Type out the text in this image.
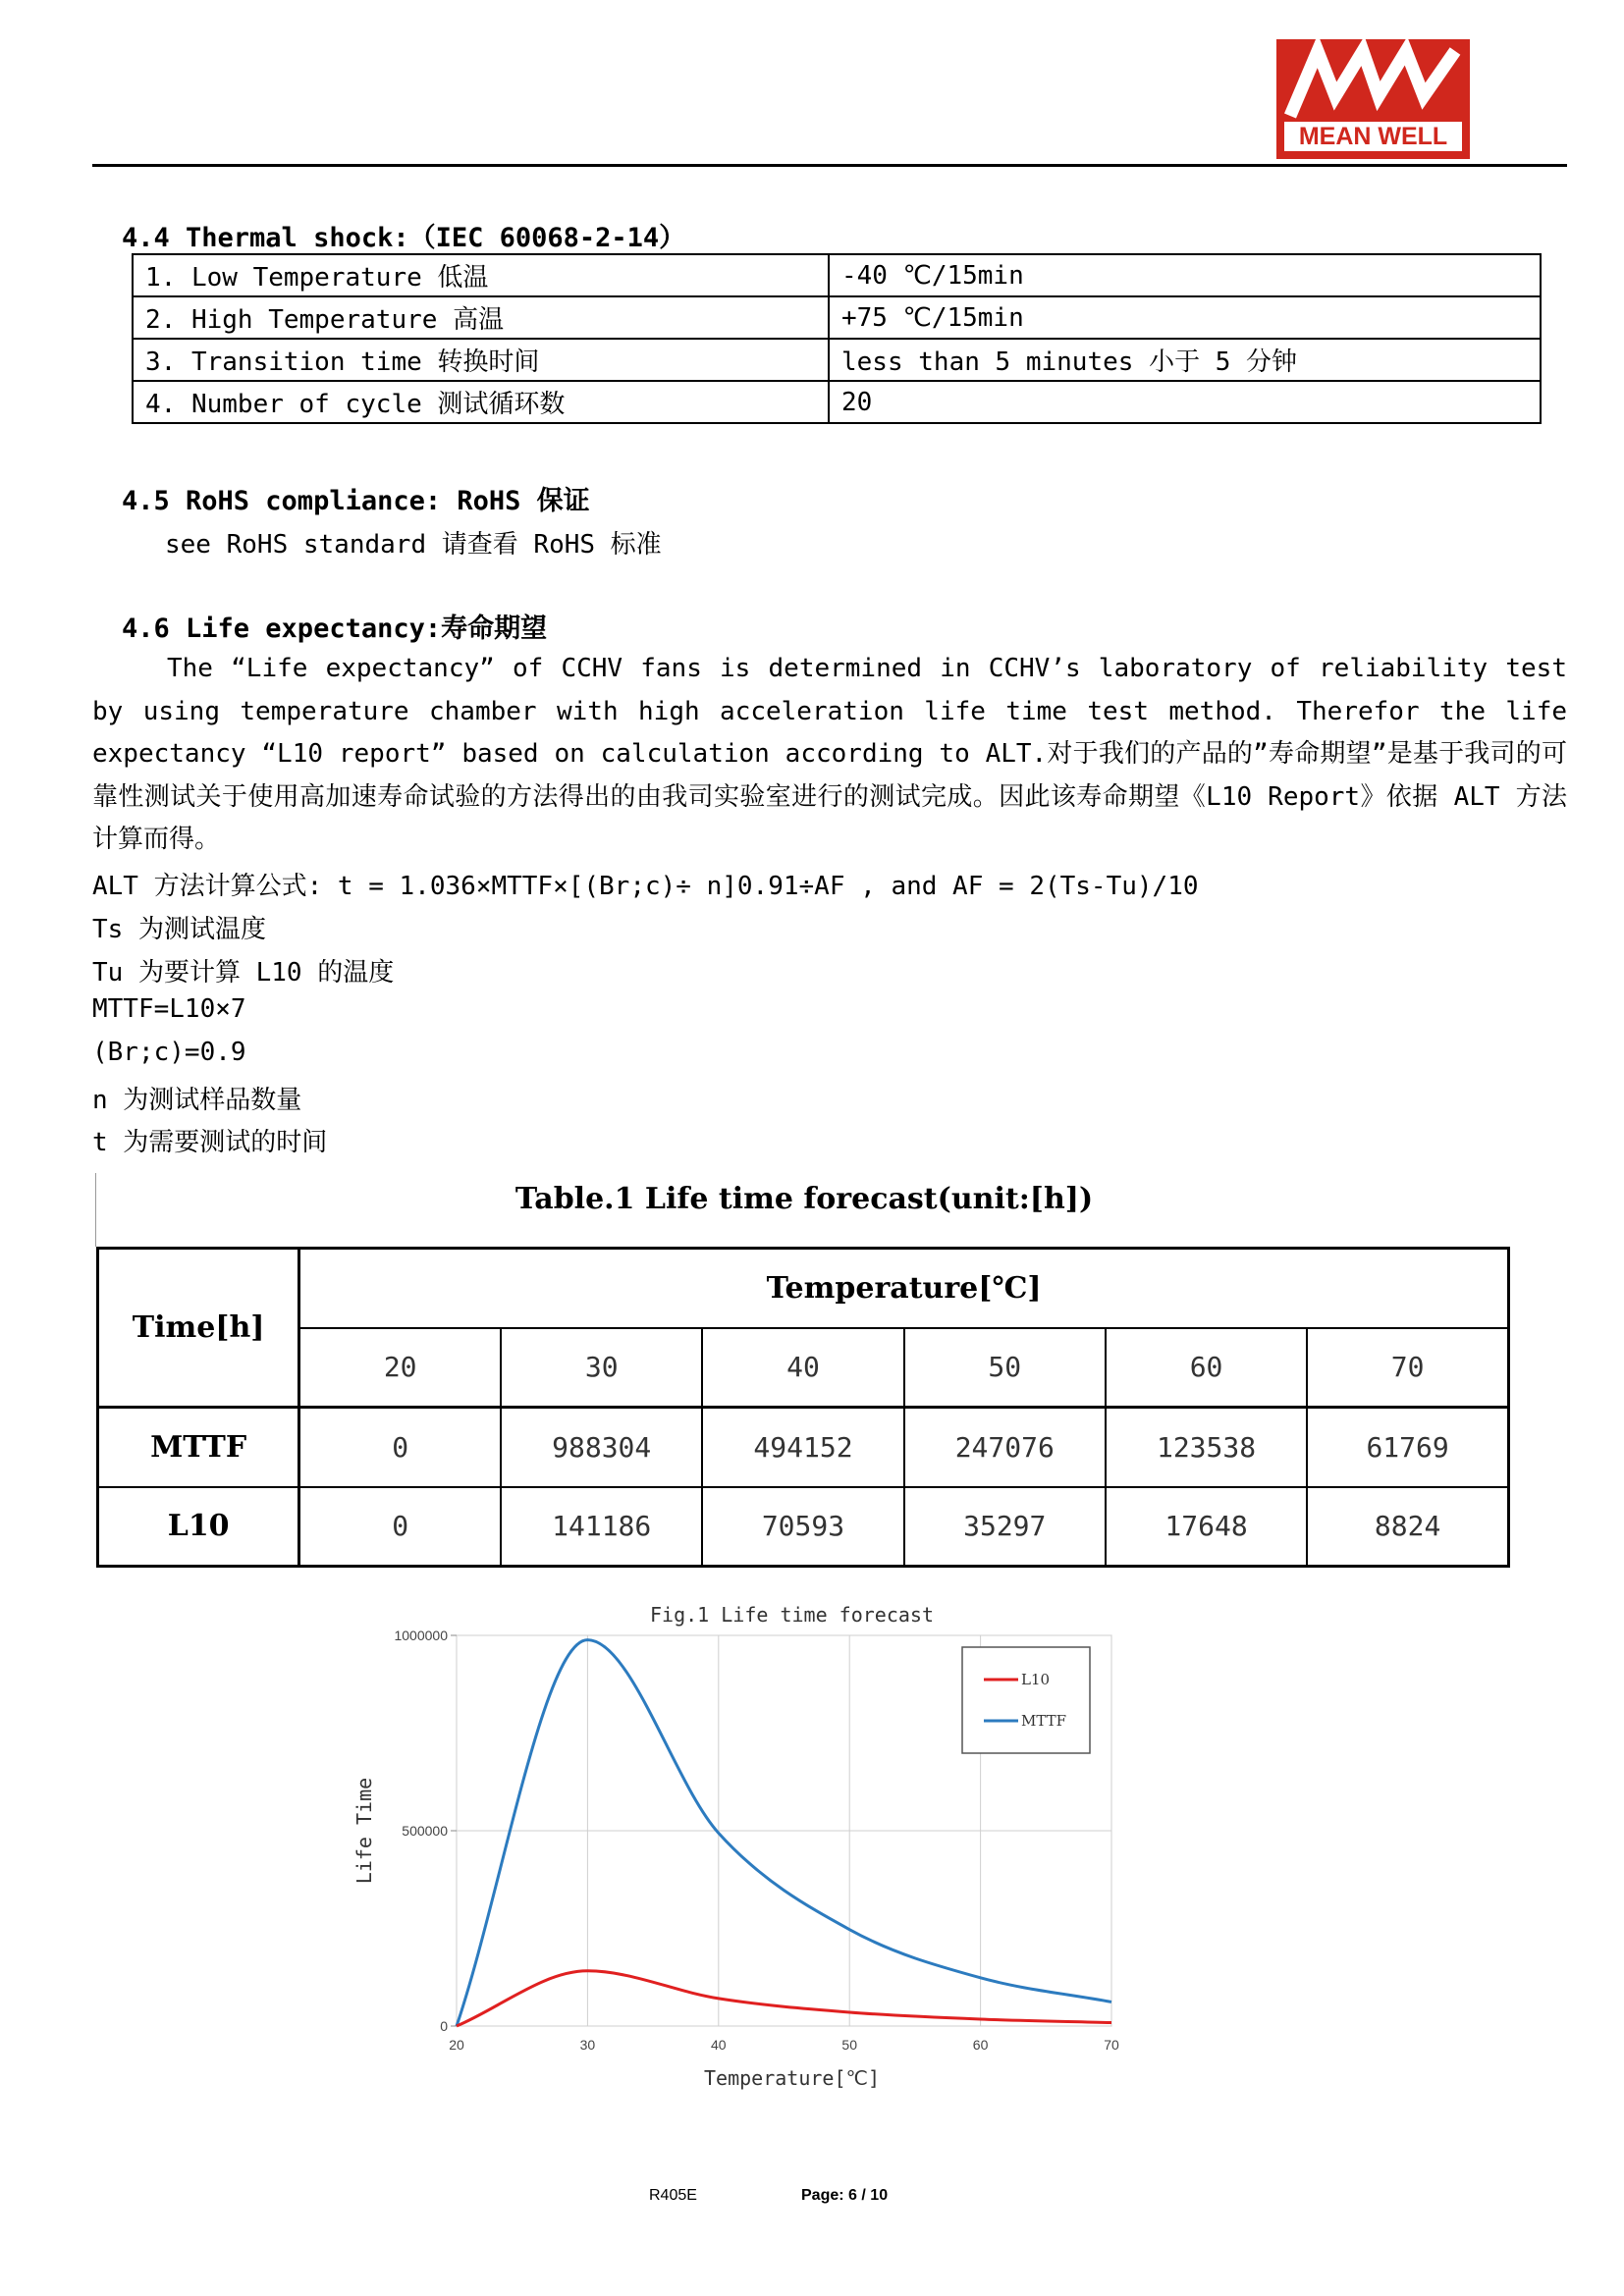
MEAN WELL
4.4 Thermal shock:（IEC 60068-2-14）
1. Low Temperature 低温	-40 ℃/15min
2. High Temperature 高温	+75 ℃/15min
3. Transition time 转换时间	less than 5 minutes 小于 5 分钟
4. Number of cycle 测试循环数	20
4.5 RoHS compliance: RoHS 保证
see RoHS standard 请查看 RoHS 标准
4.6 Life expectancy:寿命期望

The “Life expectancy” of CCHV fans is determined in CCHV’s laboratory of reliability test by using temperature chamber with high acceleration life time test method. Therefor the life expectancy “L10 report” based on calculation according to ALT.对于我们的产品的”寿命期望”是基于我司的可靠性测试关于使用高加速寿命试验的方法得出的由我司实验室进行的测试完成。因此该寿命期望《L10 Report》依据 ALT 方法计算而得。

ALT 方法计算公式: t = 1.036×MTTF×[(Br;c)÷ n]0.91÷AF , and AF = 2(Ts-Tu)/10
Ts 为测试温度
Tu 为要计算 L10 的温度
MTTF=L10×7
(Br;c)=0.9
n 为测试样品数量
t 为需要测试的时间
Table.1 Life time forecast(unit:[h])
Time[h]	Temperature[℃]					
	20	30	40	50	60	70
MTTF	0	988304	494152	247076	123538	61769
L10	0	141186	70593	35297	17648	8824
20	30	40	50	60	70
0
500000
1000000
Fig.1 Life time forecast
Temperature[℃]
Life Time
L10
MTTF
R405E	Page: 6 / 10
